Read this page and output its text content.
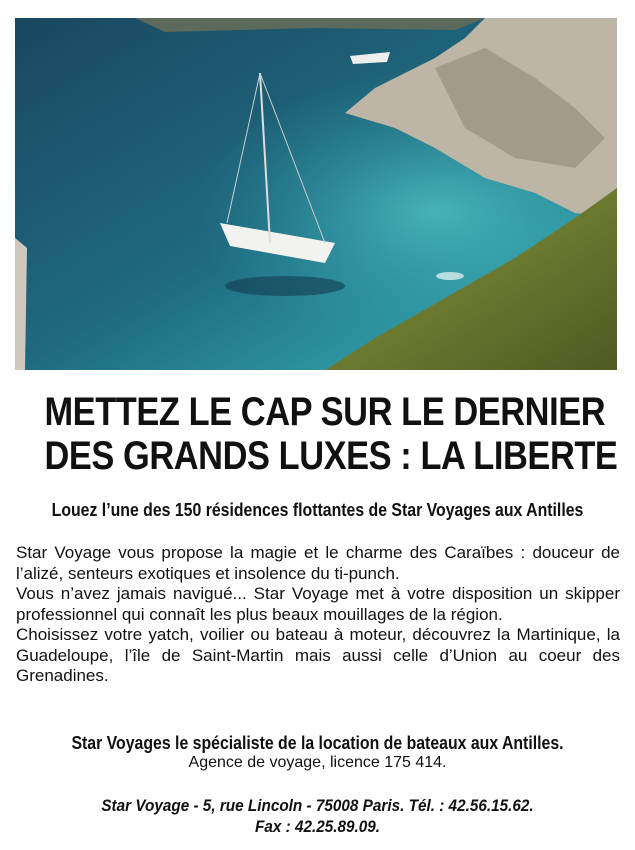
METTEZ LE CAP SUR LE DERNIER
DES GRANDS LUXES : LA LIBERTE
Louez l’une des 150 résidences flottantes de Star Voyages aux Antilles

Star Voyage vous propose la magie et le charme des Caraïbes : douceur de l’alizé, senteurs exotiques et insolence du ti-punch.

Vous n’avez jamais navigué... Star Voyage met à votre disposition un skipper professionnel qui connaît les plus beaux mouillages de la région.

Choisissez votre yatch, voilier ou bateau à moteur, découvrez la Martinique, la Guadeloupe, l’île de Saint-Martin mais aussi celle d’Union au coeur des Grenadines.

Star Voyages le spécialiste de la location de bateaux aux Antilles.
Agence de voyage, licence 175 414.
Star Voyage - 5, rue Lincoln - 75008 Paris. Tél. : 42.56.15.62.
Fax : 42.25.89.09.
